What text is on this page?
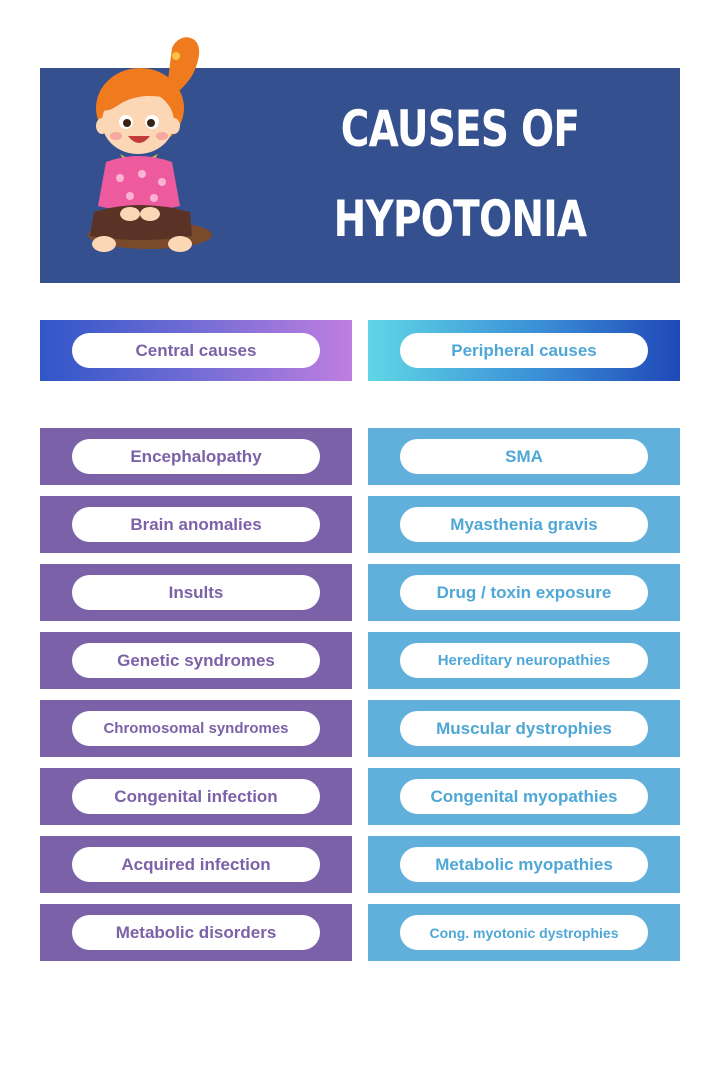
CAUSES OF
HYPOTONIA
Central causes	Peripheral causes
Encephalopathy
Brain anomalies
Insults
Genetic syndromes
Chromosomal syndromes
Congenital infection
Acquired infection
Metabolic disorders
SMA
Myasthenia gravis
Drug / toxin exposure
Hereditary neuropathies
Muscular dystrophies
Congenital myopathies
Metabolic myopathies
Cong. myotonic dystrophies
